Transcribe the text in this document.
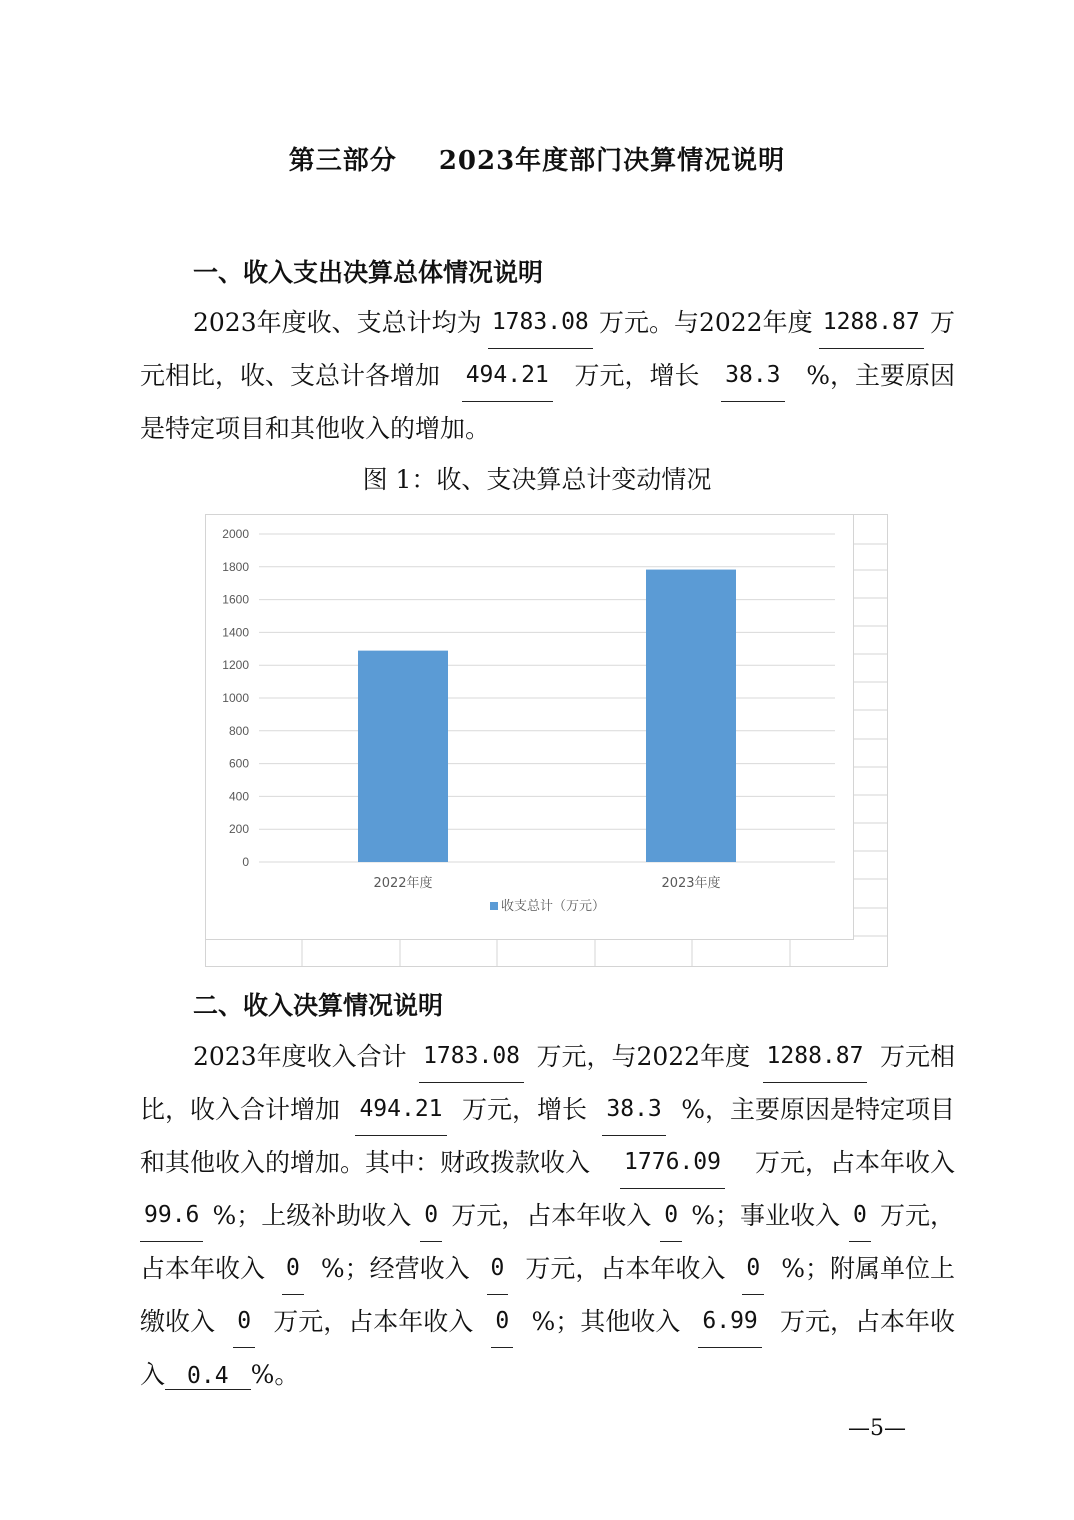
第三部分 2023年度部门决算情况说明
一、收入支出决算总体情况说明
2023年度收、支总计均为 1783.08 万元。与2022年度 1288.87 万
元相比，收、支总计各增加 494.21 万元，增长 38.3 %，主要原因
是特定项目和其他收入的增加。
图 1：收、支决算总计变动情况
0
200
400
600
800
1000
1200
1400
1600
1800
2000
2022年度	2023年度
收支总计（万元）
二、收入决算情况说明
2023年度收入合计 1783.08 万元，与2022年度 1288.87 万元相
比，收入合计增加 494.21 万元，增长 38.3 %，主要原因是特定项目
和其他收入的增加。其中：财政拨款收入 1776.09 万元，占本年收入
99.6 %；上级补助收入 0 万元，占本年收入 0 %；事业收入 0 万元，
占本年收入 0 %；经营收入 0 万元，占本年收入 0 %；附属单位上
缴收入 0 万元，占本年收入 0 %；其他收入 6.99 万元，占本年收
入 0.4 %。
—5—
